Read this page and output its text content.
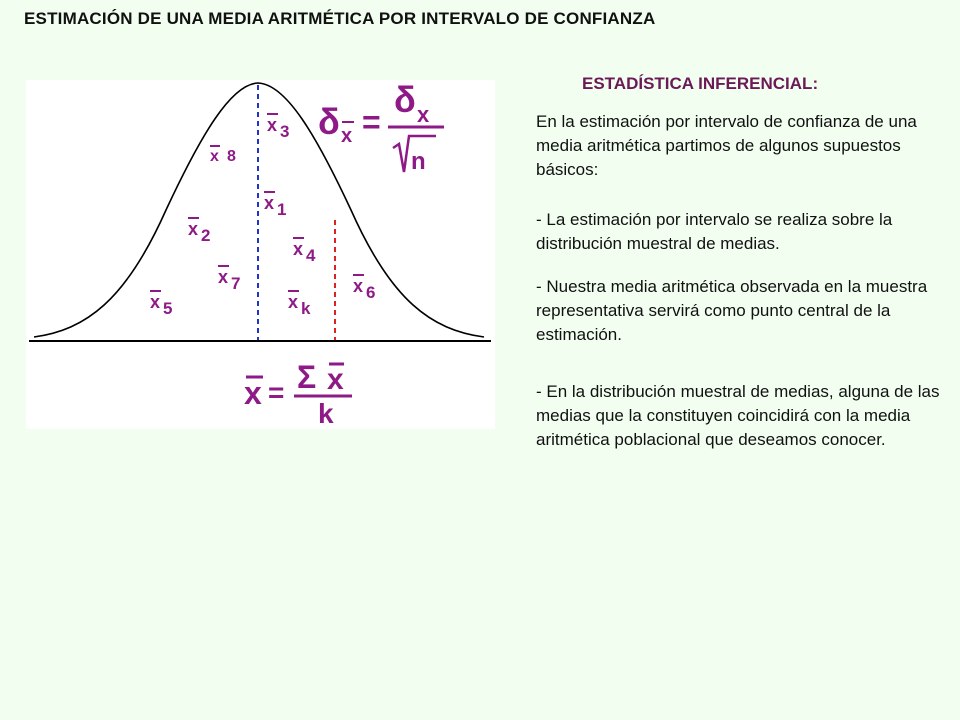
ESTIMACIÓN DE UNA MEDIA ARITMÉTICA POR INTERVALO DE CONFIANZA
x 3
x 8
x 1
x 2
x 4
x 7	x 6
x 5	x k
δ x =
δ x
n
x = Σ x
k
ESTADÍSTICA INFERENCIAL:
En la estimación por intervalo de confianza de una media aritmética partimos de algunos supuestos básicos:
- La estimación por intervalo se realiza sobre la distribución muestral de medias.
- Nuestra media aritmética observada en la muestra representativa servirá como punto central de la estimación.
- En la distribución muestral de medias, alguna de las medias que la constituyen coincidirá con la media aritmética poblacional que deseamos conocer.
